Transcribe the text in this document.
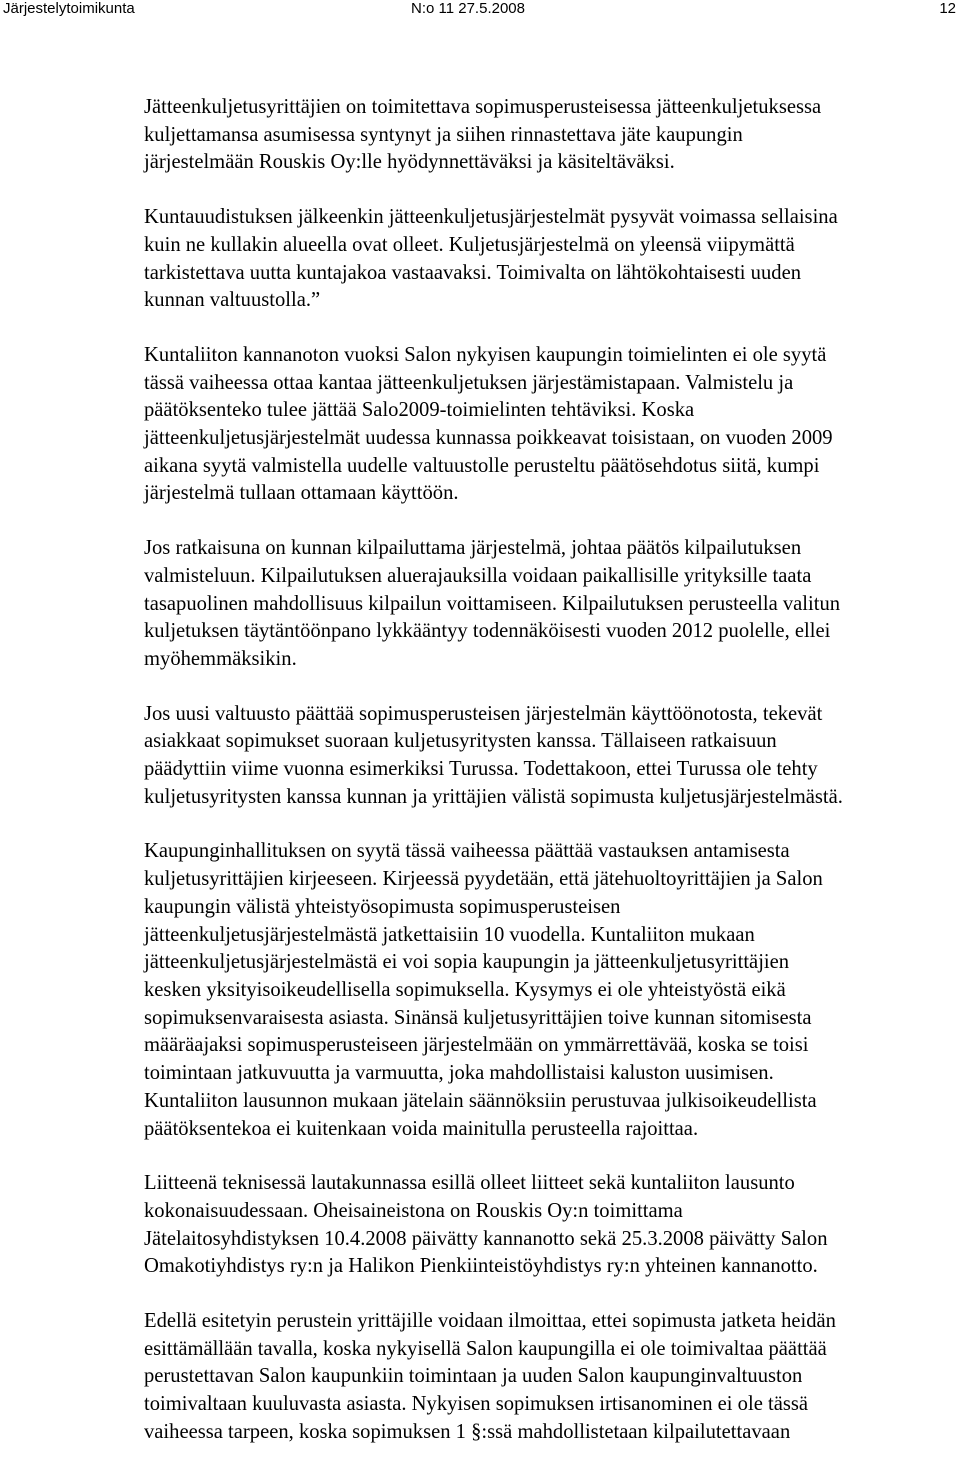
Järjestelytoimikunta	N:o 11 27.5.2008	12

Jätteenkuljetusyrittäjien on toimitettava sopimusperusteisessa jätteenkuljetuksessa
kuljettamansa asumisessa syntynyt ja siihen rinnastettava jäte kaupungin
järjestelmään Rouskis Oy:lle hyödynnettäväksi ja käsiteltäväksi.

Kuntauudistuksen jälkeenkin jätteenkuljetusjärjestelmät pysyvät voimassa sellaisina
kuin ne kullakin alueella ovat olleet. Kuljetusjärjestelmä on yleensä viipymättä
tarkistettava uutta kuntajakoa vastaavaksi. Toimivalta on lähtökohtaisesti uuden
kunnan valtuustolla.”

Kuntaliiton kannanoton vuoksi Salon nykyisen kaupungin toimielinten ei ole syytä
tässä vaiheessa ottaa kantaa jätteenkuljetuksen järjestämistapaan. Valmistelu ja
päätöksenteko tulee jättää Salo2009-toimielinten tehtäviksi. Koska
jätteenkuljetusjärjestelmät uudessa kunnassa poikkeavat toisistaan, on vuoden 2009
aikana syytä valmistella uudelle valtuustolle perusteltu päätösehdotus siitä, kumpi
järjestelmä tullaan ottamaan käyttöön.

Jos ratkaisuna on kunnan kilpailuttama järjestelmä, johtaa päätös kilpailutuksen
valmisteluun. Kilpailutuksen aluerajauksilla voidaan paikallisille yrityksille taata
tasapuolinen mahdollisuus kilpailun voittamiseen. Kilpailutuksen perusteella valitun
kuljetuksen täytäntöönpano lykkääntyy todennäköisesti vuoden 2012 puolelle, ellei
myöhemmäksikin.

Jos uusi valtuusto päättää sopimusperusteisen järjestelmän käyttöönotosta, tekevät
asiakkaat sopimukset suoraan kuljetusyritysten kanssa. Tällaiseen ratkaisuun
päädyttiin viime vuonna esimerkiksi Turussa. Todettakoon, ettei Turussa ole tehty
kuljetusyritysten kanssa kunnan ja yrittäjien välistä sopimusta kuljetusjärjestelmästä.

Kaupunginhallituksen on syytä tässä vaiheessa päättää vastauksen antamisesta
kuljetusyrittäjien kirjeeseen. Kirjeessä pyydetään, että jätehuoltoyrittäjien ja Salon
kaupungin välistä yhteistyösopimusta sopimusperusteisen
jätteenkuljetusjärjestelmästä jatkettaisiin 10 vuodella. Kuntaliiton mukaan
jätteenkuljetusjärjestelmästä ei voi sopia kaupungin ja jätteenkuljetusyrittäjien
kesken yksityisoikeudellisella sopimuksella. Kysymys ei ole yhteistyöstä eikä
sopimuksenvaraisesta asiasta. Sinänsä kuljetusyrittäjien toive kunnan sitomisesta
määräajaksi sopimusperusteiseen järjestelmään on ymmärrettävää, koska se toisi
toimintaan jatkuvuutta ja varmuutta, joka mahdollistaisi kaluston uusimisen.
Kuntaliiton lausunnon mukaan jätelain säännöksiin perustuvaa julkisoikeudellista
päätöksentekoa ei kuitenkaan voida mainitulla perusteella rajoittaa.

Liitteenä teknisessä lautakunnassa esillä olleet liitteet sekä kuntaliiton lausunto
kokonaisuudessaan. Oheisaineistona on Rouskis Oy:n toimittama
Jätelaitosyhdistyksen 10.4.2008 päivätty kannanotto sekä 25.3.2008 päivätty Salon
Omakotiyhdistys ry:n ja Halikon Pienkiinteistöyhdistys ry:n yhteinen kannanotto.

Edellä esitetyin perustein yrittäjille voidaan ilmoittaa, ettei sopimusta jatketa heidän
esittämällään tavalla, koska nykyisellä Salon kaupungilla ei ole toimivaltaa päättää
perustettavan Salon kaupunkiin toimintaan ja uuden Salon kaupunginvaltuuston
toimivaltaan kuuluvasta asiasta. Nykyisen sopimuksen irtisanominen ei ole tässä
vaiheessa tarpeen, koska sopimuksen 1 §:ssä mahdollistetaan kilpailutettavaan
